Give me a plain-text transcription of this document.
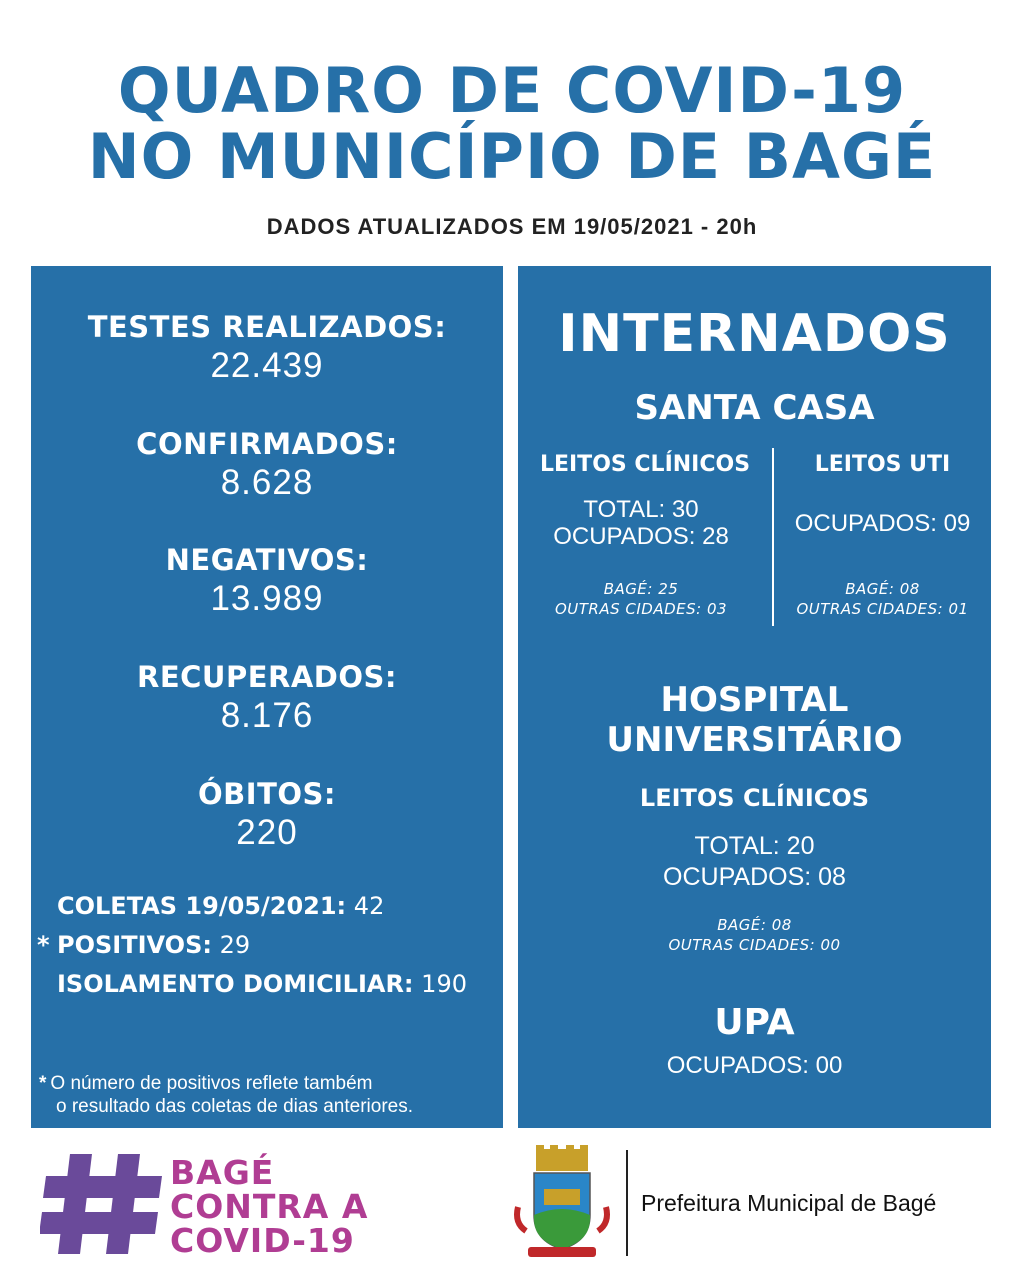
QUADRO DE COVID-19
NO MUNICÍPIO DE BAGÉ
DADOS ATUALIZADOS EM 19/05/2021 - 20h
TESTES REALIZADOS:
22.439
CONFIRMADOS:
8.628
NEGATIVOS:
13.989
RECUPERADOS:
8.176
ÓBITOS:
220
COLETAS 19/05/2021: 42
* POSITIVOS: 29
ISOLAMENTO DOMICILIAR: 190
* O número de positivos reflete também
o resultado das coletas de dias anteriores.
INTERNADOS
SANTA CASA
LEITOS CLÍNICOS	LEITOS UTI
TOTAL: 30
OCUPADOS: 28	OCUPADOS: 09
BAGÉ: 25
OUTRAS CIDADES: 03
BAGÉ: 08
OUTRAS CIDADES: 01
HOSPITAL
UNIVERSITÁRIO
LEITOS CLÍNICOS
TOTAL: 20
OCUPADOS: 08
BAGÉ: 08
OUTRAS CIDADES: 00
UPA
OCUPADOS: 00
BAGÉ
CONTRA A
COVID-19
Prefeitura Municipal de Bagé
